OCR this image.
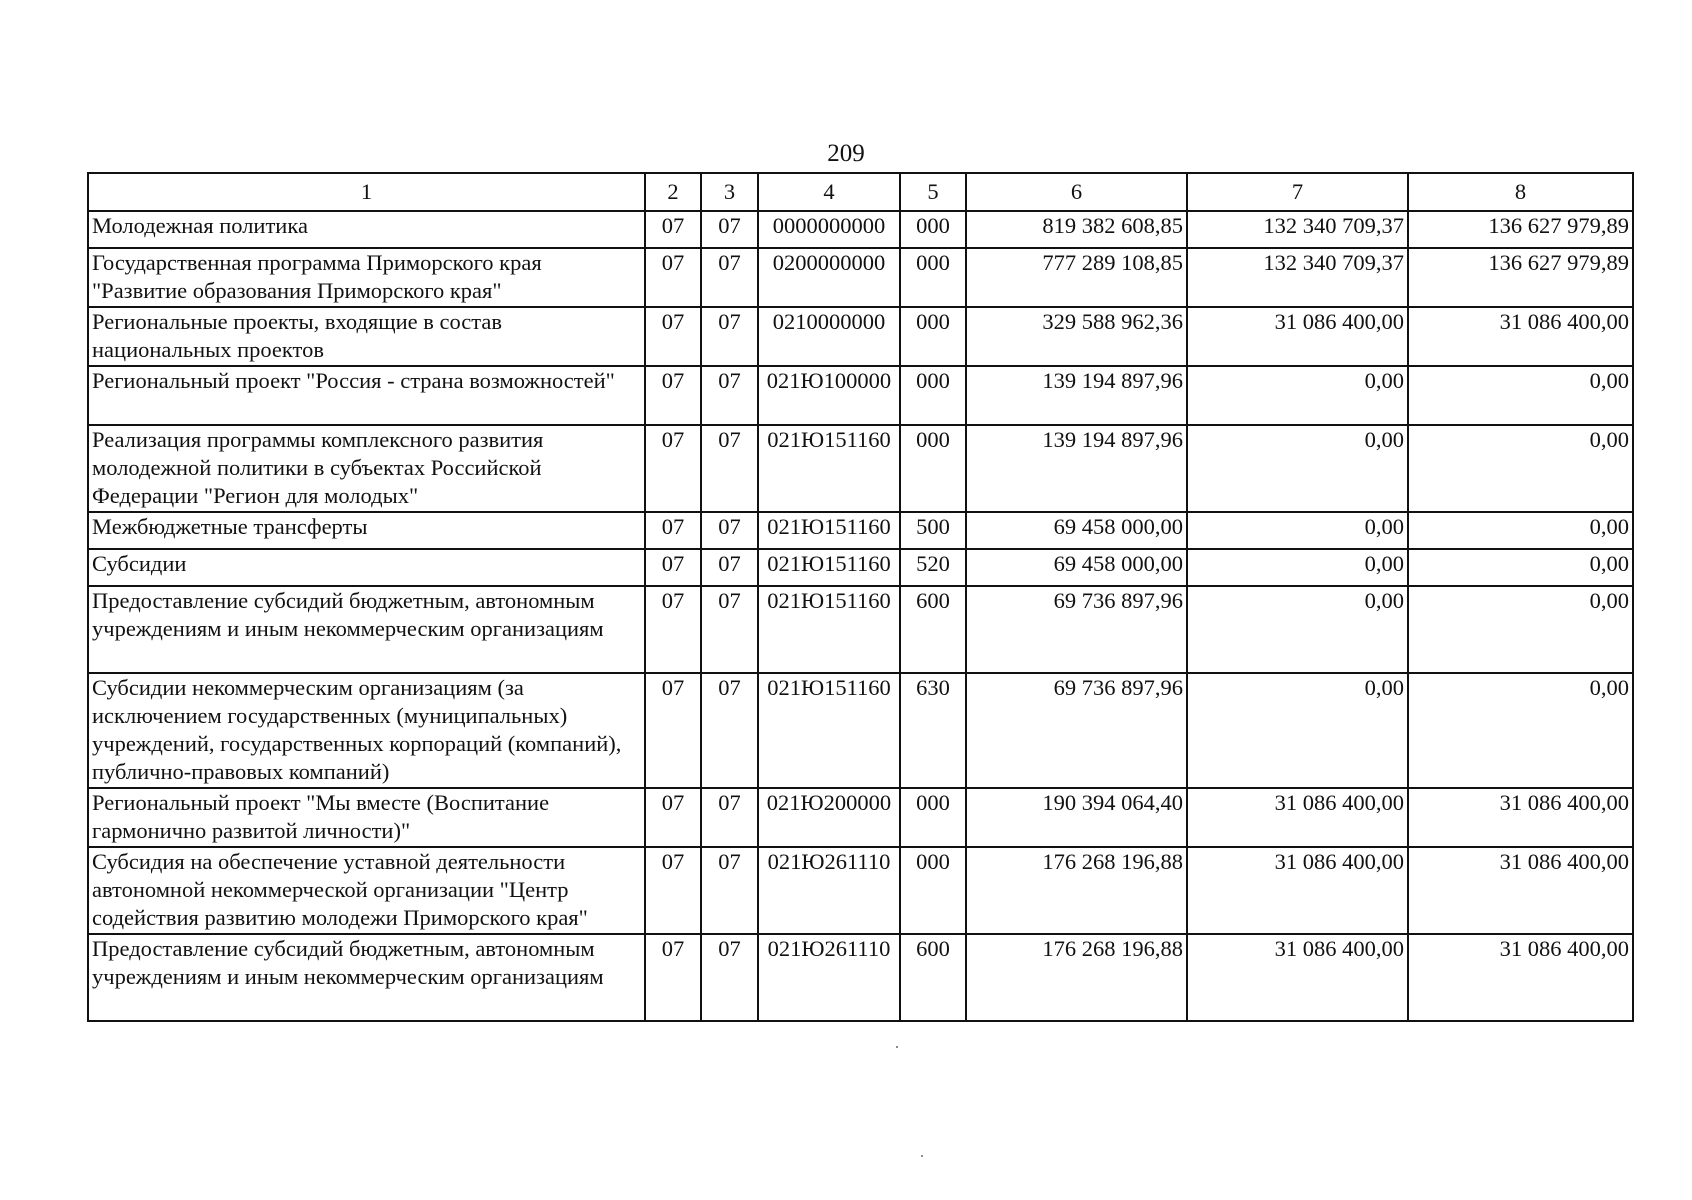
209
1	2	3	4	5	6	7	8
Молодежная политика	07	07	0000000000	000	819 382 608,85	132 340 709,37	136 627 979,89
Государственная программа Приморского края "Развитие образования Приморского края"	07	07	0200000000	000	777 289 108,85	132 340 709,37	136 627 979,89
Региональные проекты, входящие в состав национальных проектов	07	07	0210000000	000	329 588 962,36	31 086 400,00	31 086 400,00
Региональный проект "Россия - страна возможностей"	07	07	021Ю100000	000	139 194 897,96	0,00	0,00
Реализация программы комплексного развития молодежной политики в субъектах Российской Федерации "Регион для молодых"	07	07	021Ю151160	000	139 194 897,96	0,00	0,00
Межбюджетные трансферты	07	07	021Ю151160	500	69 458 000,00	0,00	0,00
Субсидии	07	07	021Ю151160	520	69 458 000,00	0,00	0,00
Предоставление субсидий бюджетным, автономным учреждениям и иным некоммерческим организациям	07	07	021Ю151160	600	69 736 897,96	0,00	0,00
Субсидии некоммерческим организациям (за исключением государственных (муниципальных) учреждений, государственных корпораций (компаний), публично-правовых компаний)	07	07	021Ю151160	630	69 736 897,96	0,00	0,00
Региональный проект "Мы вместе (Воспитание гармонично развитой личности)"	07	07	021Ю200000	000	190 394 064,40	31 086 400,00	31 086 400,00
Субсидия на обеспечение уставной деятельности автономной некоммерческой организации "Центр содействия развитию молодежи Приморского края"	07	07	021Ю261110	000	176 268 196,88	31 086 400,00	31 086 400,00
Предоставление субсидий бюджетным, автономным учреждениям и иным некоммерческим организациям	07	07	021Ю261110	600	176 268 196,88	31 086 400,00	31 086 400,00
